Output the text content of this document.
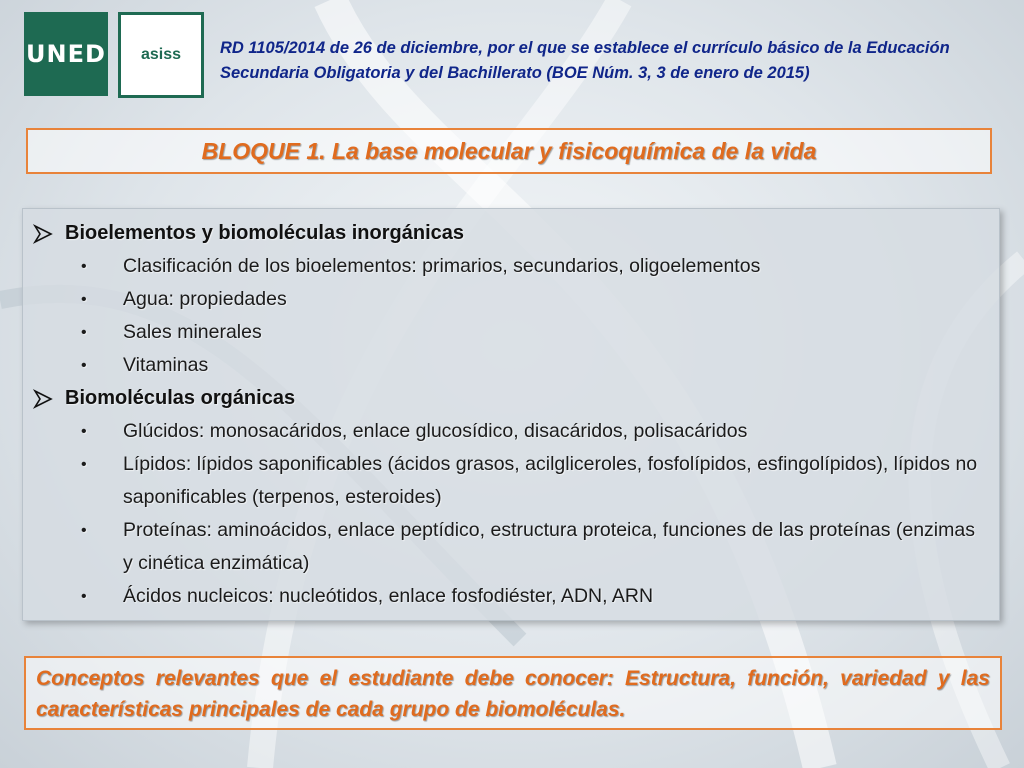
UNED asiss RD 1105/2014 de 26 de diciembre, por el que se establece el currículo básico de la Educación Secundaria Obligatoria y del Bachillerato (BOE Núm. 3, 3 de enero de 2015)
BLOQUE 1. La base molecular y fisicoquímica de la vida
Bioelementos y biomoléculas inorgánicas
•	Clasificación de los bioelementos: primarios, secundarios, oligoelementos
•	Agua: propiedades
•	Sales minerales
•	Vitaminas
Biomoléculas orgánicas
•	Glúcidos: monosacáridos, enlace glucosídico, disacáridos, polisacáridos
•	Lípidos: lípidos saponificables (ácidos grasos, acilgliceroles, fosfolípidos, esfingolípidos), lípidos no saponificables (terpenos, esteroides)
•	Proteínas: aminoácidos, enlace peptídico, estructura proteica, funciones de las proteínas (enzimas y cinética enzimática)
•	Ácidos nucleicos: nucleótidos, enlace fosfodiéster, ADN, ARN
Conceptos relevantes que el estudiante debe conocer: Estructura, función, variedad y las características principales de cada grupo de biomoléculas.
